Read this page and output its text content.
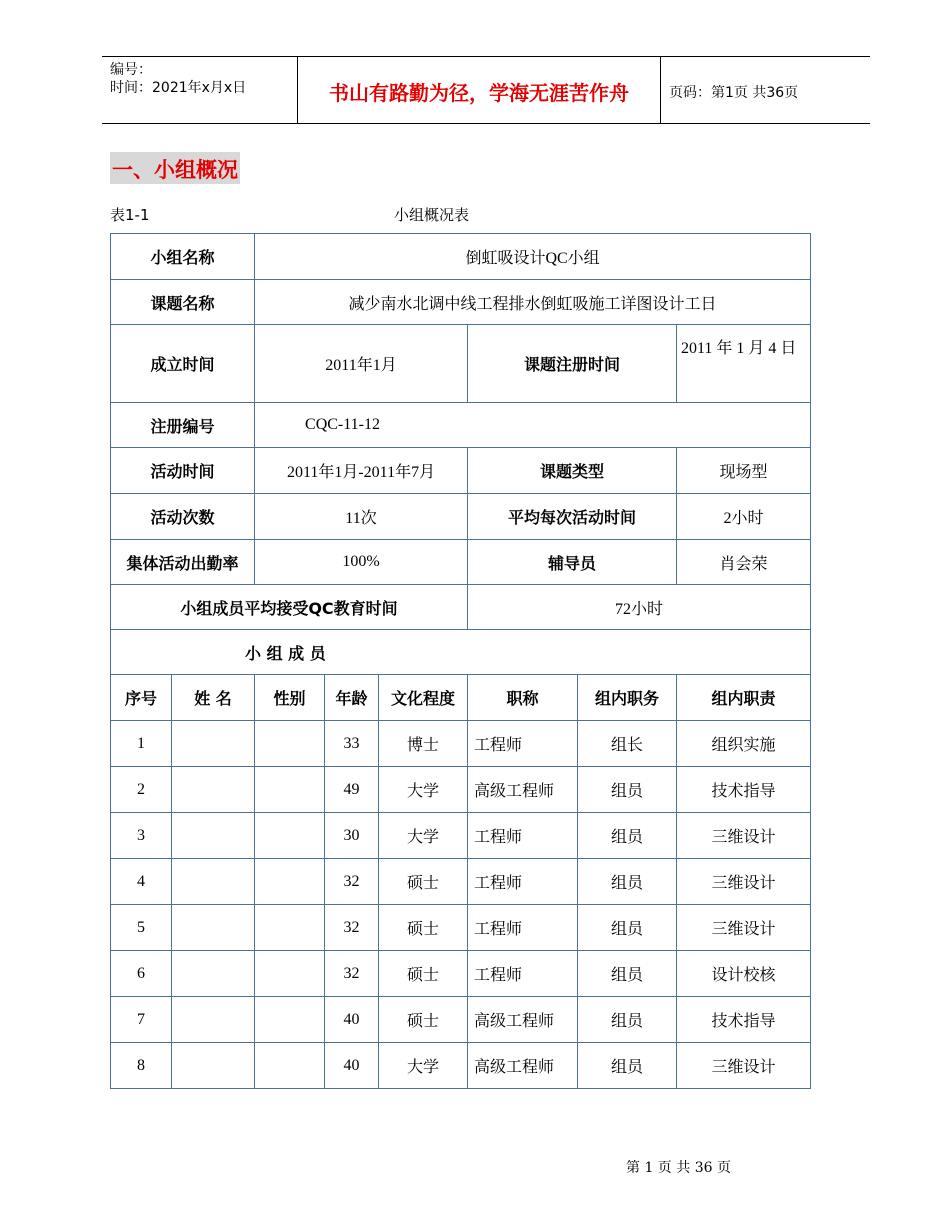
编号：
时间：2021年x月x日	书山有路勤为径，学海无涯苦作舟	页码：第1页 共36页
一、小组概况
表1-1	小组概况表
小组名称		倒虹吸设计QC小组					
课题名称		减少南水北调中线工程排水倒虹吸施工详图设计工日					
成立时间		2011年1月			课题注册时间		2011 年 1 月 4 日
注册编号		CQC-11-12					
活动时间		2011年1月-2011年7月			课题类型		现场型
活动次数		11次			平均每次活动时间		2小时
集体活动出勤率		100%			辅导员		肖会荣
小组成员平均接受QC教育时间					72小时		
小 组 成 员							
序号	姓 名	性别	年龄	文化程度	职称	组内职务	组内职责
1			33	博士	工程师	组长	组织实施
2			49	大学	高级工程师	组员	技术指导
3			30	大学	工程师	组员	三维设计
4			32	硕士	工程师	组员	三维设计
5			32	硕士	工程师	组员	三维设计
6			32	硕士	工程师	组员	设计校核
7			40	硕士	高级工程师	组员	技术指导
8			40	大学	高级工程师	组员	三维设计
第 1 页 共 36 页
